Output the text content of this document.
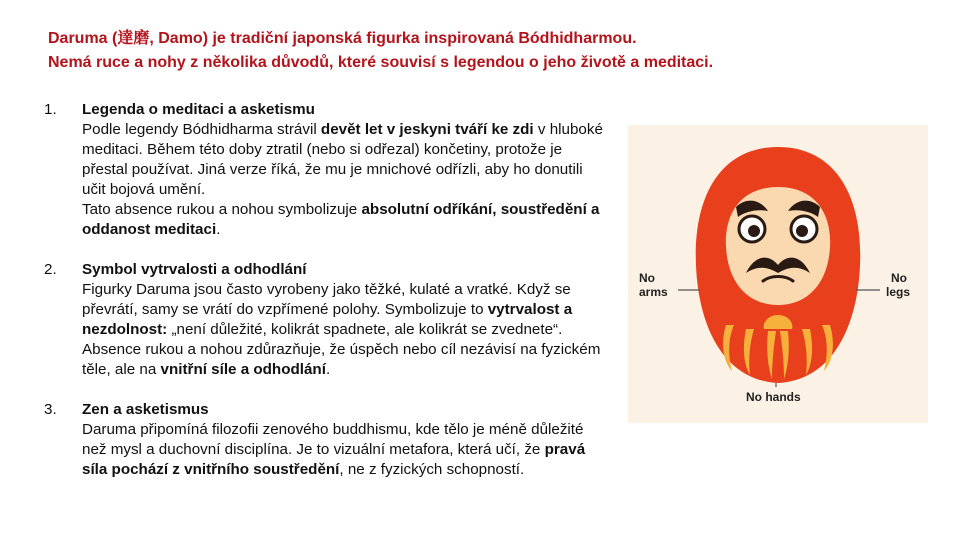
Daruma (達磨, Damo) je tradiční japonská figurka inspirovaná Bódhidharmou.
Nemá ruce a nohy z několika důvodů, které souvisí s legendou o jeho životě a meditaci.
1. Legenda o meditaci a asketismu

Podle legendy Bódhidharma strávil devět let v jeskyni tváří ke zdi v hluboké meditaci. Během této doby ztratil (nebo si odřezal) končetiny, protože je přestal používat. Jiná verze říká, že mu je mnichové odřízli, aby ho donutili učit bojová umění.

Tato absence rukou a nohou symbolizuje absolutní odříkání, soustředění a oddanost meditaci.

2. Symbol vytrvalosti a odhodlání

Figurky Daruma jsou často vyrobeny jako těžké, kulaté a vratké. Když se převrátí, samy se vrátí do vzpřímené polohy. Symbolizuje to vytrvalost a nezdolnost: „není důležité, kolikrát spadnete, ale kolikrát se zvednete“.

Absence rukou a nohou zdůrazňuje, že úspěch nebo cíl nezávisí na fyzickém těle, ale na vnitřní síle a odhodlání.

3. Zen a asketismus

Daruma připomíná filozofii zenového buddhismu, kde tělo je méně důležité než mysl a duchovní disciplína. Je to vizuální metafora, která učí, že pravá síla pochází z vnitřního soustředění, ne z fyzických schopností.

No
arms
No
legs
No hands
